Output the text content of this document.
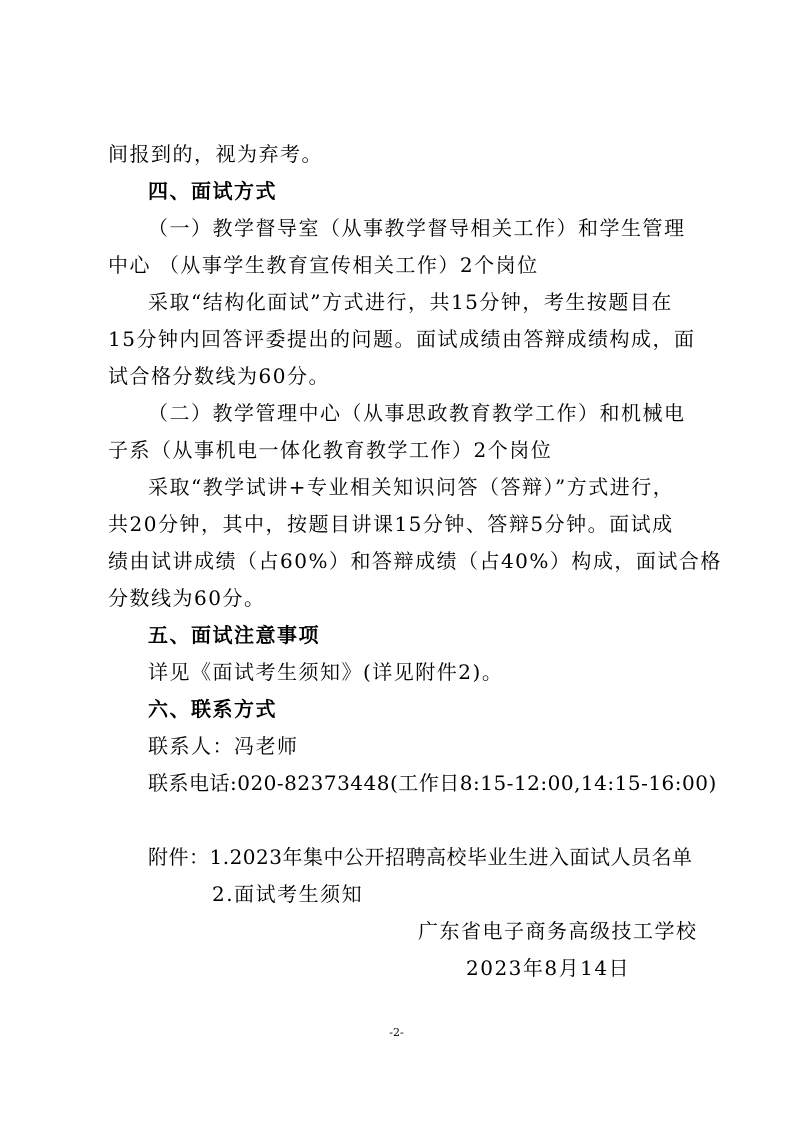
间报到的，视为弃考。

四、面试方式

（一）教学督导室（从事教学督导相关工作）和学生管理

中心 （从事学生教育宣传相关工作）2个岗位

采取“结构化面试”方式进行，共15分钟，考生按题目在

15分钟内回答评委提出的问题。面试成绩由答辩成绩构成，面

试合格分数线为60分。

（二）教学管理中心（从事思政教育教学工作）和机械电

子系（从事机电一体化教育教学工作）2个岗位

采取“教学试讲+专业相关知识问答（答辩）”方式进行，

共20分钟，其中，按题目讲课15分钟、答辩5分钟。面试成

绩由试讲成绩（占60%）和答辩成绩（占40%）构成，面试合格

分数线为60分。

五、面试注意事项

详见《面试考生须知》(详见附件2)。

六、联系方式

联系人：冯老师

联系电话:020-82373448(工作日8:15-12:00,14:15-16:00)

附件：1.2023年集中公开招聘高校毕业生进入面试人员名单

2.面试考生须知

广东省电子商务高级技工学校

2023年8月14日

-2-
